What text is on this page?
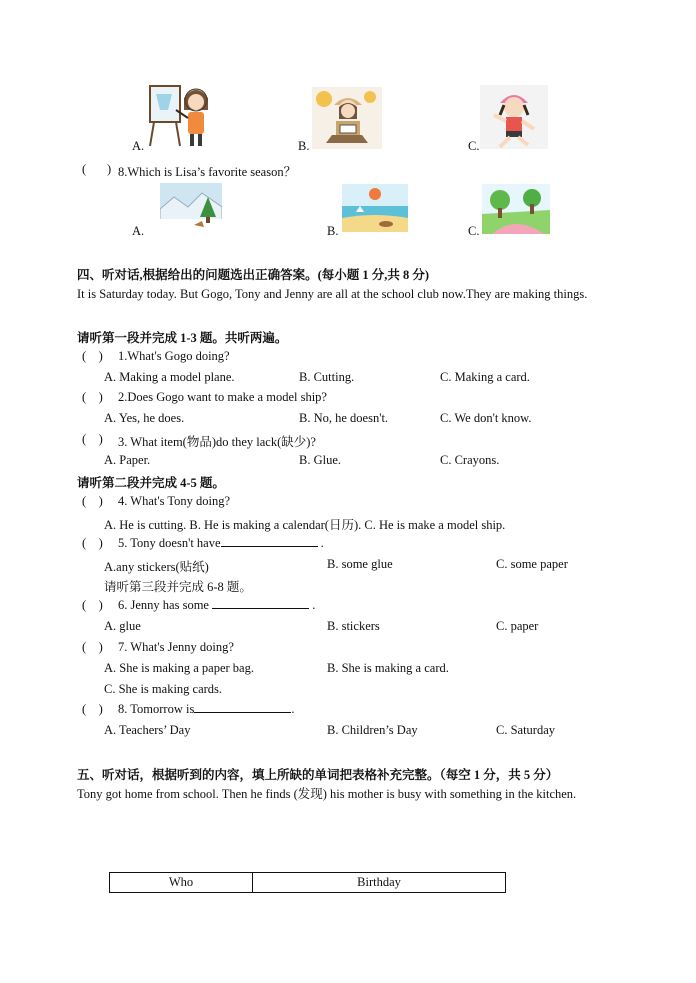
A.	B.	C.
( ) 8.Which is Lisa’s favorite season？
A.	B.	C.
四、听对话,根据给出的问题选出正确答案。(每小题 1 分,共 8 分)
It is Saturday today. But Gogo, Tony and Jenny are all at the school club now.They are making things.
请听第一段并完成 1-3 题。共听两遍。
(    ) 1.What's Gogo doing?
A. Making a model plane.	B. Cutting.	C. Making a card.
(    ) 2.Does Gogo want to make a model ship?
A. Yes, he does.	B. No, he doesn't.	C. We don't know.
(    ) 3. What item(物品)do they lack(缺少)?
A. Paper.	B. Glue.	C. Crayons.
请听第二段并完成 4-5 题。
(    ) 4. What's Tony doing?
A. He is cutting. B. He is making a calendar(日历). C. He is make a model ship.
(    ) 5. Tony doesn't have	.
A.any stickers(贴纸)	B. some glue	C. some paper
请听第三段并完成 6-8 题。
(    ) 6. Jenny has some	.
A. glue	B. stickers	C. paper
(    ) 7. What's Jenny doing?
A. She is making a paper bag.	B. She is making a card.
C. She is making cards.
(    ) 8. Tomorrow is	.
A. Teachers’ Day	B. Children’s Day	C. Saturday
五、听对话，根据听到的内容，填上所缺的单词把表格补充完整。（每空 1 分，共 5 分）
Tony got home from school. Then he finds (发现) his mother is busy with something in the kitchen.
Who	Birthday
